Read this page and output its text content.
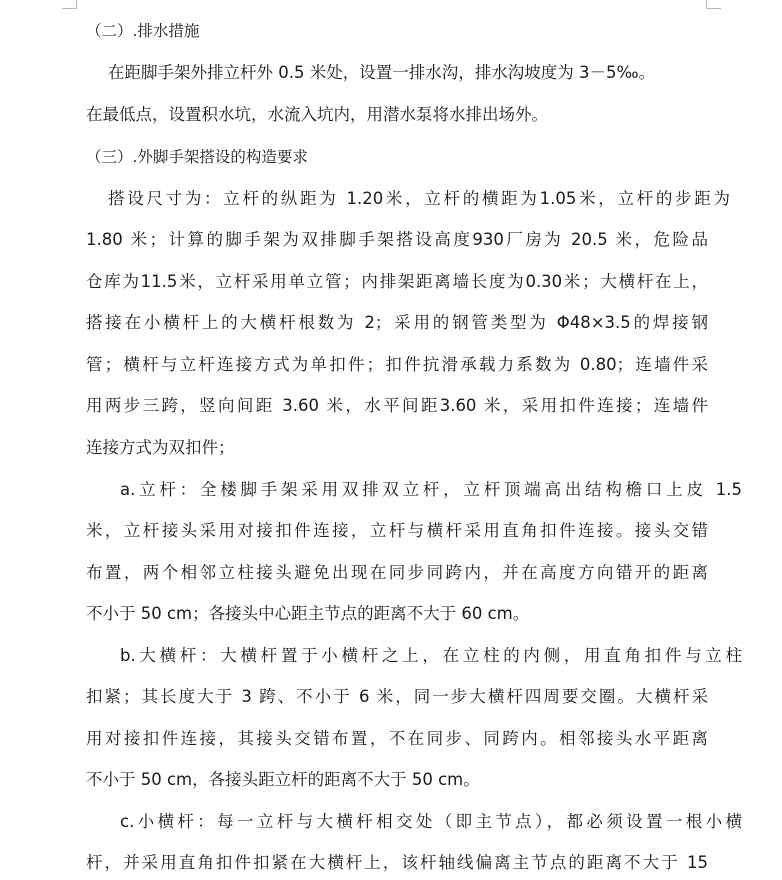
（二）.排水措施
在距脚手架外排立杆外 0.5 米处，设置一排水沟，排水沟坡度为 3－5‰。
在最低点，设置积水坑，水流入坑内，用潜水泵将水排出场外。
（三）.外脚手架搭设的构造要求
搭设尺寸为：立杆的纵距为 1.20米，立杆的横距为1.05米，立杆的步距为
1.80 米；计算的脚手架为双排脚手架搭设高度930厂房为 20.5 米，危险品
仓库为11.5米，立杆采用单立管；内排架距离墙长度为0.30米；大横杆在上，
搭接在小横杆上的大横杆根数为 2；采用的钢管类型为 Φ48×3.5的焊接钢
管；横杆与立杆连接方式为单扣件；扣件抗滑承载力系数为 0.80；连墙件采
用两步三跨，竖向间距 3.60 米，水平间距3.60 米，采用扣件连接；连墙件
连接方式为双扣件；
a.立杆：全楼脚手架采用双排双立杆，立杆顶端高出结构檐口上皮 1.5
米，立杆接头采用对接扣件连接，立杆与横杆采用直角扣件连接。接头交错
布置，两个相邻立柱接头避免出现在同步同跨内，并在高度方向错开的距离
不小于 50 cm；各接头中心距主节点的距离不大于 60 cm。
b.大横杆：大横杆置于小横杆之上，在立柱的内侧，用直角扣件与立柱
扣紧；其长度大于 3 跨、不小于 6 米，同一步大横杆四周要交圈。大横杆采
用对接扣件连接，其接头交错布置，不在同步、同跨内。相邻接头水平距离
不小于 50 cm，各接头距立杆的距离不大于 50 cm。
c.小横杆：每一立杆与大横杆相交处（即主节点），都必须设置一根小横
杆，并采用直角扣件扣紧在大横杆上，该杆轴线偏离主节点的距离不大于 15
